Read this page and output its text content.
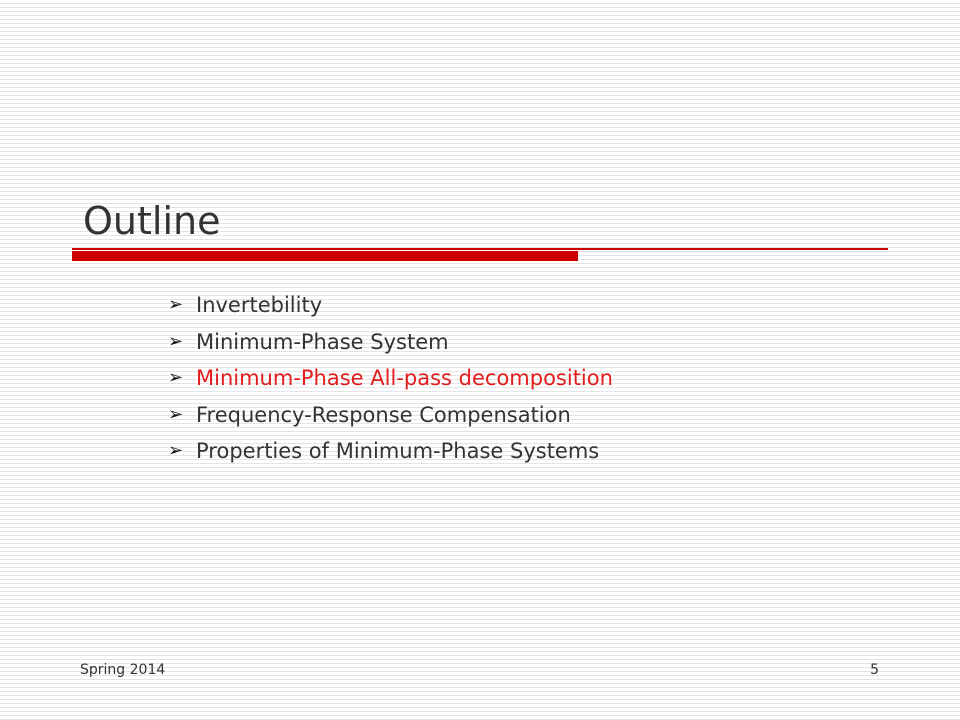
Outline
➢ Invertebility
➢ Minimum-Phase System
➢ Minimum-Phase All-pass decomposition
➢ Frequency-Response Compensation
➢ Properties of Minimum-Phase Systems
Spring 2014	5
